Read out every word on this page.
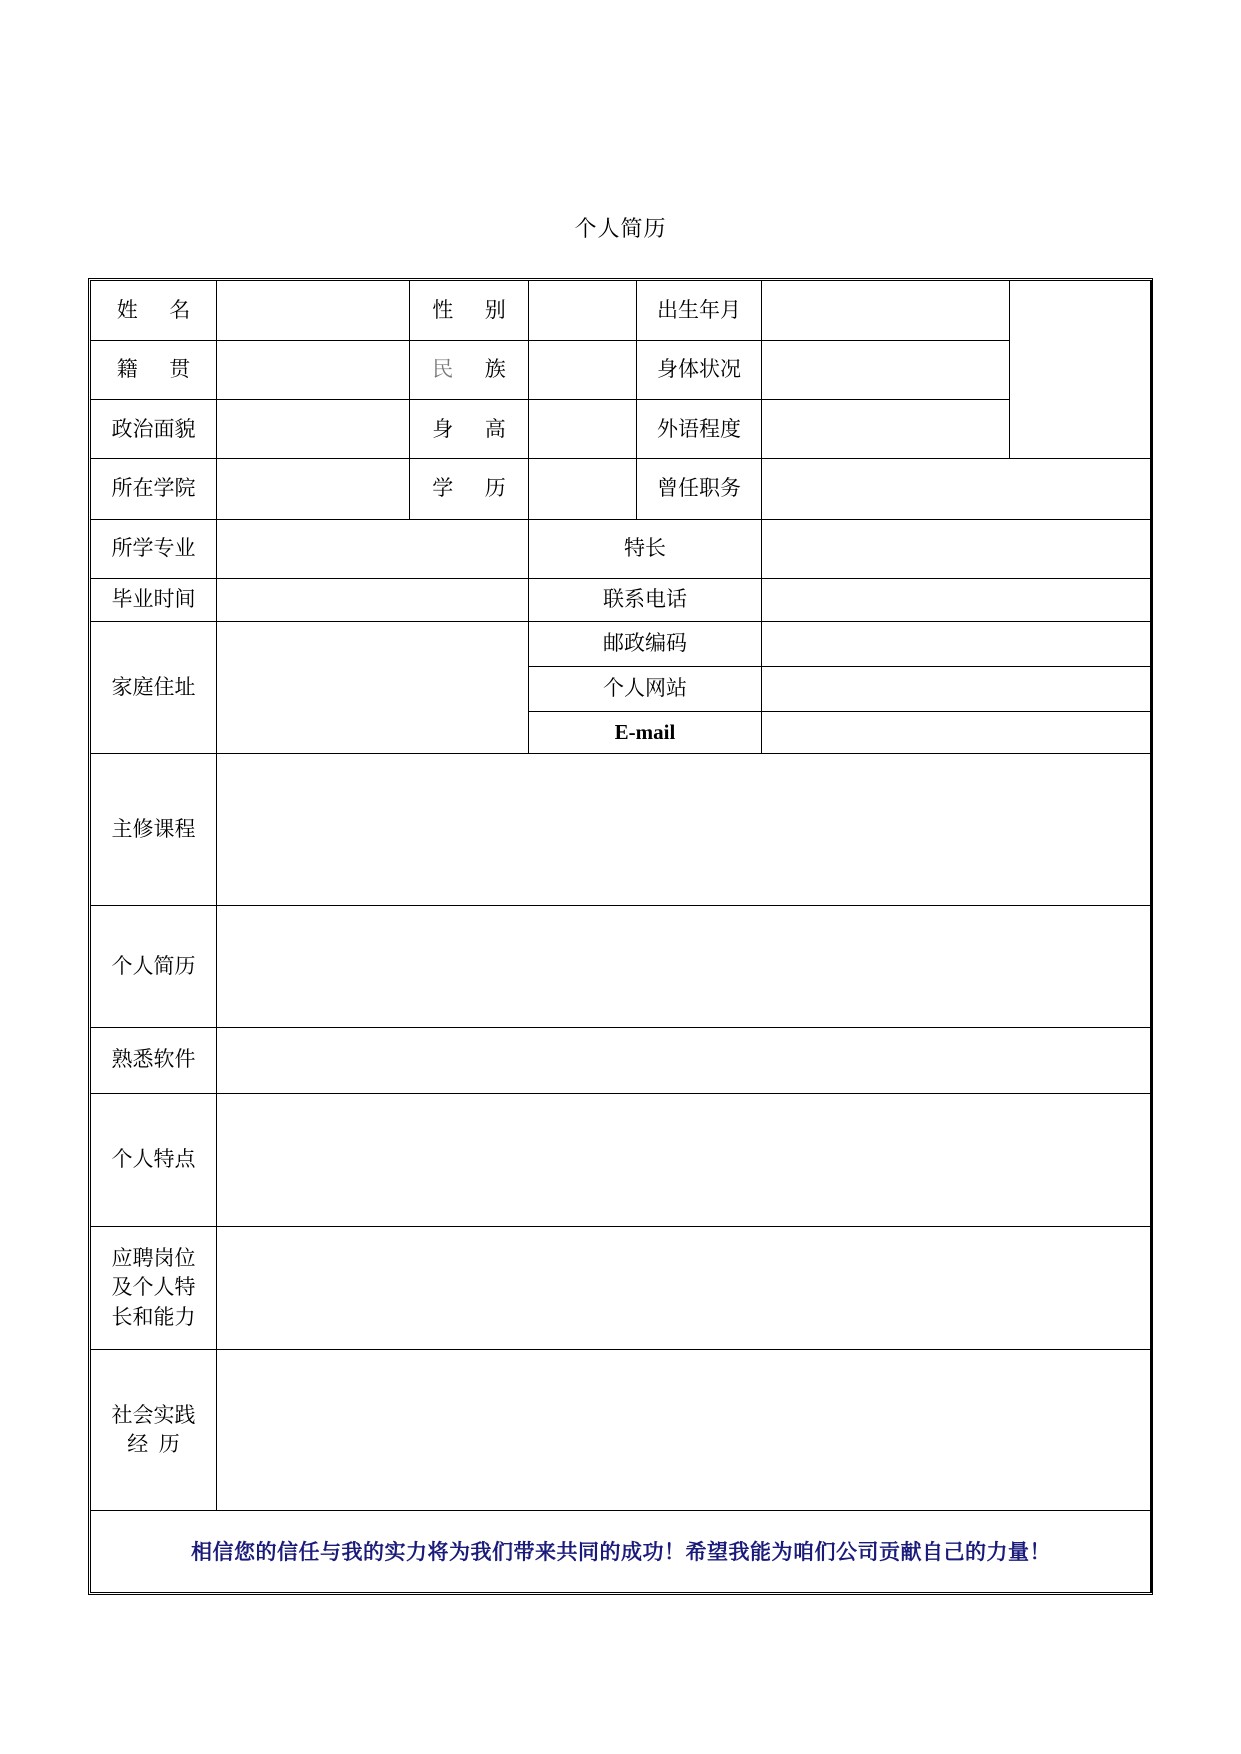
个人简历
姓   名		性   别		出生年月		
籍   贯		民   族		身体状况		
政治面貌		身   高		外语程度		
所在学院		学   历		曾任职务		
所学专业			特长			
毕业时间			联系电话			
家庭住址			邮政编码			
			个人网站			
			E-mail			
主修课程						
个人简历						
熟悉软件						
个人特点						

应聘岗位
及个人特
长和能力						

社会实践
经  历						

相信您的信任与我的实力将为我们带来共同的成功！希望我能为咱们公司贡献自己的力量！						
